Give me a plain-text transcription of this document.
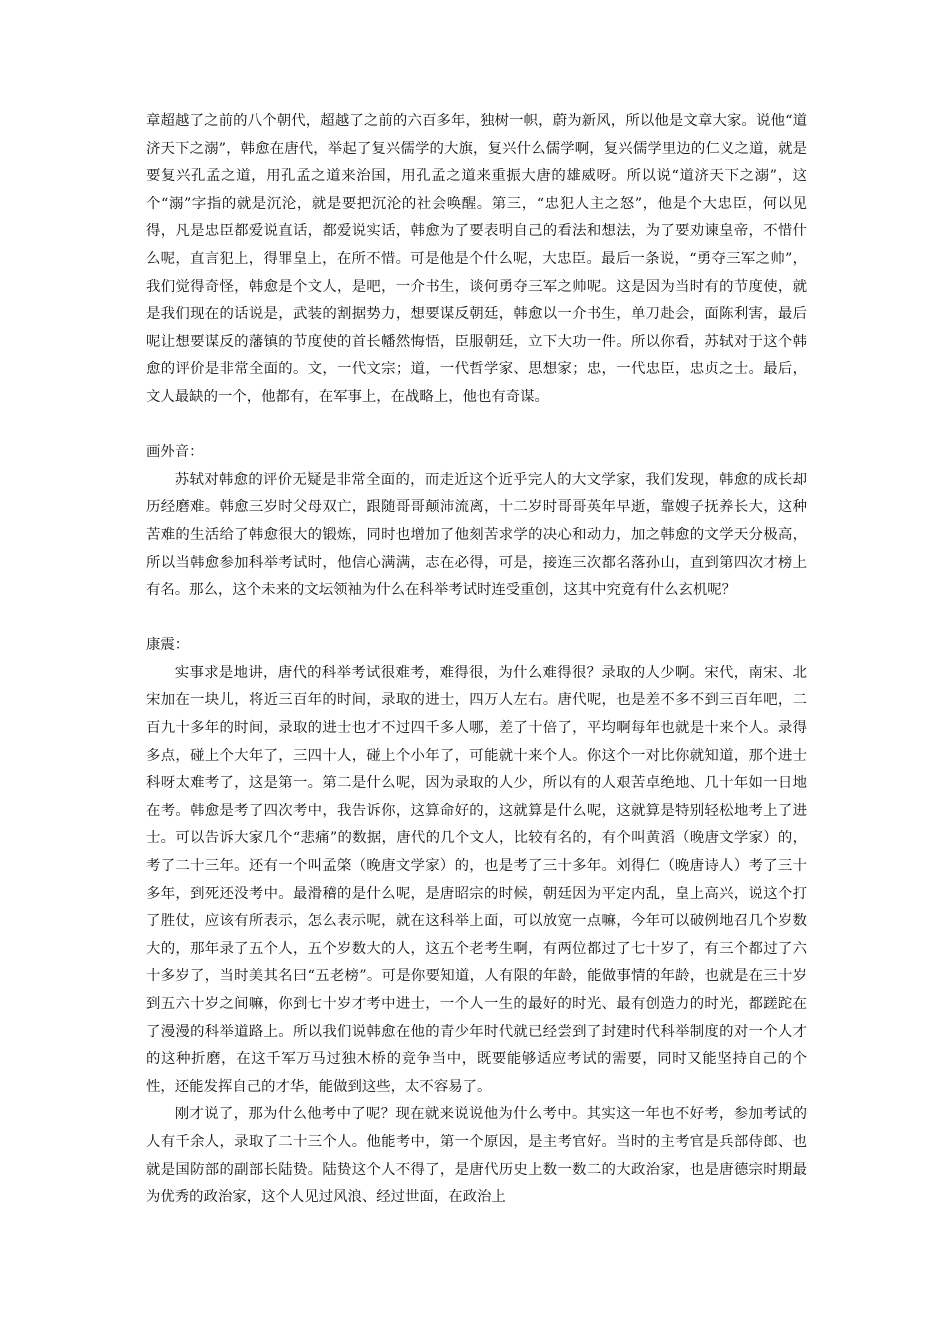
章超越了之前的八个朝代，超越了之前的六百多年，独树一帜，蔚为新风，所以他是文章大家。说他“道济天下之溺”，韩愈在唐代，举起了复兴儒学的大旗，复兴什么儒学啊，复兴儒学里边的仁义之道，就是要复兴孔孟之道，用孔孟之道来治国，用孔孟之道来重振大唐的雄威呀。所以说“道济天下之溺”，这个“溺”字指的就是沉沦，就是要把沉沦的社会唤醒。第三，“忠犯人主之怒”，他是个大忠臣，何以见得，凡是忠臣都爱说直话，都爱说实话，韩愈为了要表明自己的看法和想法，为了要劝谏皇帝，不惜什么呢，直言犯上，得罪皇上，在所不惜。可是他是个什么呢，大忠臣。最后一条说，“勇夺三军之帅”，我们觉得奇怪，韩愈是个文人，是吧，一介书生，谈何勇夺三军之帅呢。这是因为当时有的节度使，就是我们现在的话说是，武装的割据势力，想要谋反朝廷，韩愈以一介书生，单刀赴会，面陈利害，最后呢让想要谋反的藩镇的节度使的首长幡然悔悟，臣服朝廷，立下大功一件。所以你看，苏轼对于这个韩愈的评价是非常全面的。文，一代文宗；道，一代哲学家、思想家；忠，一代忠臣，忠贞之士。最后，文人最缺的一个，他都有，在军事上，在战略上，他也有奇谋。

画外音：

苏轼对韩愈的评价无疑是非常全面的，而走近这个近乎完人的大文学家，我们发现，韩愈的成长却历经磨难。韩愈三岁时父母双亡，跟随哥哥颠沛流离，十二岁时哥哥英年早逝，靠嫂子抚养长大，这种苦难的生活给了韩愈很大的锻炼，同时也增加了他刻苦求学的决心和动力，加之韩愈的文学天分极高，所以当韩愈参加科举考试时，他信心满满，志在必得，可是，接连三次都名落孙山，直到第四次才榜上有名。那么，这个未来的文坛领袖为什么在科举考试时连受重创，这其中究竟有什么玄机呢？

康震：

实事求是地讲，唐代的科举考试很难考，难得很，为什么难得很？录取的人少啊。宋代，南宋、北宋加在一块儿，将近三百年的时间，录取的进士，四万人左右。唐代呢，也是差不多不到三百年吧，二百九十多年的时间，录取的进士也才不过四千多人哪，差了十倍了，平均啊每年也就是十来个人。录得多点，碰上个大年了，三四十人，碰上个小年了，可能就十来个人。你这个一对比你就知道，那个进士科呀太难考了，这是第一。第二是什么呢，因为录取的人少，所以有的人艰苦卓绝地、几十年如一日地在考。韩愈是考了四次考中，我告诉你，这算命好的，这就算是什么呢，这就算是特别轻松地考上了进士。可以告诉大家几个“悲痛”的数据，唐代的几个文人，比较有名的，有个叫黄滔（晚唐文学家）的，考了二十三年。还有一个叫孟棨（晚唐文学家）的，也是考了三十多年。刘得仁（晚唐诗人）考了三十多年，到死还没考中。最滑稽的是什么呢，是唐昭宗的时候，朝廷因为平定内乱，皇上高兴，说这个打了胜仗，应该有所表示，怎么表示呢，就在这科举上面，可以放宽一点嘛，今年可以破例地召几个岁数大的，那年录了五个人，五个岁数大的人，这五个老考生啊，有两位都过了七十岁了，有三个都过了六十多岁了，当时美其名曰“五老榜”。可是你要知道，人有限的年龄，能做事情的年龄，也就是在三十岁到五六十岁之间嘛，你到七十岁才考中进士，一个人一生的最好的时光、最有创造力的时光，都蹉跎在了漫漫的科举道路上。所以我们说韩愈在他的青少年时代就已经尝到了封建时代科举制度的对一个人才的这种折磨，在这千军万马过独木桥的竞争当中，既要能够适应考试的需要，同时又能坚持自己的个性，还能发挥自己的才华，能做到这些，太不容易了。

刚才说了，那为什么他考中了呢？现在就来说说他为什么考中。其实这一年也不好考，参加考试的人有千余人，录取了二十三个人。他能考中，第一个原因，是主考官好。当时的主考官是兵部侍郎、也就是国防部的副部长陆贽。陆贽这个人不得了，是唐代历史上数一数二的大政治家，也是唐德宗时期最为优秀的政治家，这个人见过风浪、经过世面，在政治上
